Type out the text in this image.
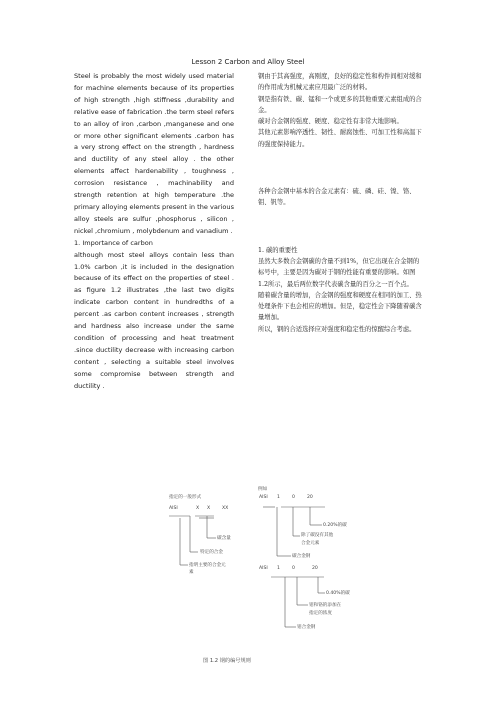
Lesson 2 Carbon and Alloy Steel

Steel is probably the most widely used material for machine elements because of its properties of high strength ,high stiffness ,durability and relative ease of fabrication .the term steel refers to an alloy of iron ,carbon ,manganese and one or more other significant elements .carbon has a very strong effect on the strength , hardness and ductility of any steel alloy . the other elements affect hardenability , toughness , corrosion resistance , machinability and strength retention at high temperature .the primary alloying elements present in the various alloy steels are sulfur ,phosphorus , silicon , nickel ,chromium , molybdenum and vanadium .

1. Importance of carbon

although most steel alloys contain less than 1.0% carbon ,it is included in the designation because of its effect on the properties of steel . as figure 1.2 illustrates ,the last two digits indicate carbon content in hundredths of a percent .as carbon content increases , strength and hardness also increase under the same condition of processing and heat treatment .since ductility decrease with increasing carbon content , selecting a suitable steel involves some compromise between strength and ductility .

钢由于其高强度，高刚度，良好的稳定性和构件间相对缓和的作用成为机械元素应用最广泛的材料。

钢是指有铁、碳、锰和一个或更多的其他重要元素组成的合金。

碳对合金钢的强度、硬度、稳定性有非常大地影响。

其他元素影响淬透性、韧性、耐腐蚀性、可加工性和高温下的强度保持能力。

各种合金钢中基本的合金元素有：硫、磷、硅、镍、铬、钼、钒等。

1. 碳的重要性

虽然大多数合金钢碳的含量不到1%，但它出现在合金钢的标号中，主要是因为碳对于钢的性能有重要的影响。如图1.2所示，最后两位数字代表碳含量的百分之一百个点。

随着碳含量的增加，合金钢的强度和硬度在相同的加工、热处理条件下也会相应的增加。但是，稳定性会下降随着碳含量增加。

所以，钢的合适选择应对强度和稳定性的惊醒综合考虑。

指定的一般形式
AISI	X X	XX
碳含量
特定的合金
指明主要的合金元
素
例如
AISI 1	0	20
0.20%的碳
除了碳没有其他
合金元素
碳合金钢
AISI 1	0	20
0.40%的碳
钼和铬的添加在
指定的浓度
钼合金钢
图 1.2 钢的编号规则
